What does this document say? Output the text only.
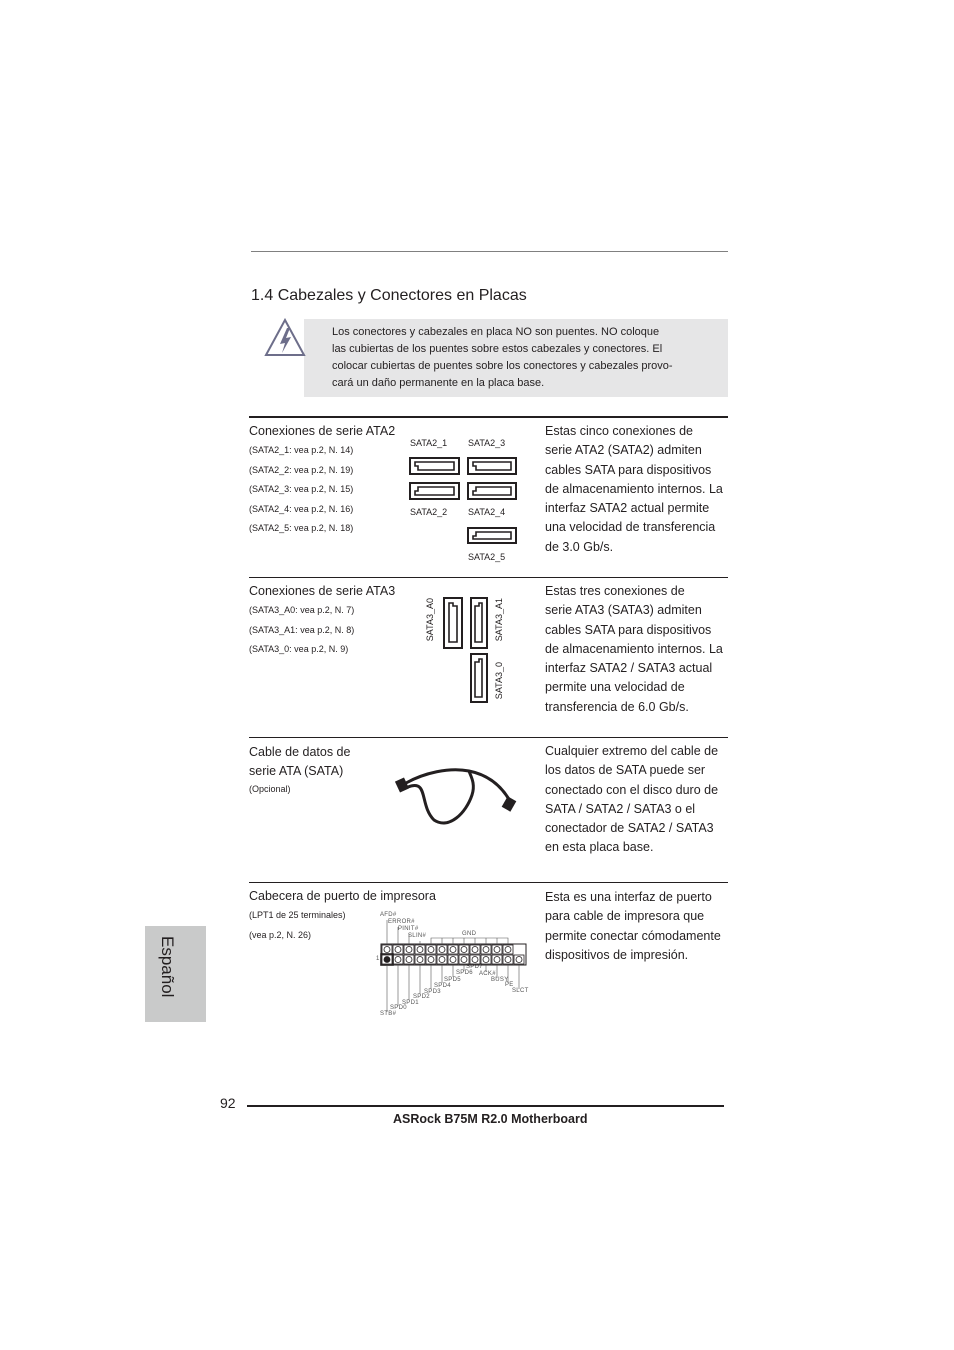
1.4 Cabezales y Conectores en Placas

Los conectores y cabezales en placa NO son puentes. NO coloque

las cubiertas de los puentes sobre estos cabezales y conectores. El

colocar cubiertas de puentes sobre los conectores y cabezales provo-

cará un daño permanente en la placa base.

Conexiones de serie ATA2
(SATA2_1: vea p.2, N. 14)
(SATA2_2: vea p.2, N. 19)
(SATA2_3: vea p.2, N. 15)
(SATA2_4: vea p.2, N. 16)
(SATA2_5: vea p.2, N. 18)
SATA2_1 SATA2_3
SATA2_2 SATA2_4
SATA2_5

Estas cinco conexiones de

serie ATA2 (SATA2) admiten

cables SATA para dispositivos

de almacenamiento internos. La

interfaz SATA2 actual permite

una velocidad de transferencia

de 3.0 Gb/s.

Conexiones de serie ATA3
(SATA3_A0: vea p.2, N. 7)
(SATA3_A1: vea p.2, N. 8)
(SATA3_0: vea p.2, N. 9)
SATA3_A0	SATA3_A1
SATA3_0

Estas tres conexiones de

serie ATA3 (SATA3) admiten

cables SATA para dispositivos

de almacenamiento internos. La

interfaz SATA2 / SATA3 actual

permite una velocidad de

transferencia de 6.0 Gb/s.

Cable de datos de
serie ATA (SATA)
(Opcional)

Cualquier extremo del cable de

los datos de SATA puede ser

conectado con el disco duro de

SATA / SATA2 / SATA3 o el

conectador de SATA2 / SATA3

en esta placa base.

Cabecera de puerto de impresora
(LPT1 de 25 terminales)
(vea p.2, N. 26)
AFD#
ERROR#
PINIT#
SLIN#	GND
1
SPD7
SPD6
SPD5
SPD4
SPD3
SPD2
SPD1
SPD0
STB#
ACK#
BUSY
PE
SLCT

Esta es una interfaz de puerto

para cable de impresora que

permite conectar cómodamente

dispositivos de impresión.

Español
92
ASRock B75M R2.0 Motherboard
